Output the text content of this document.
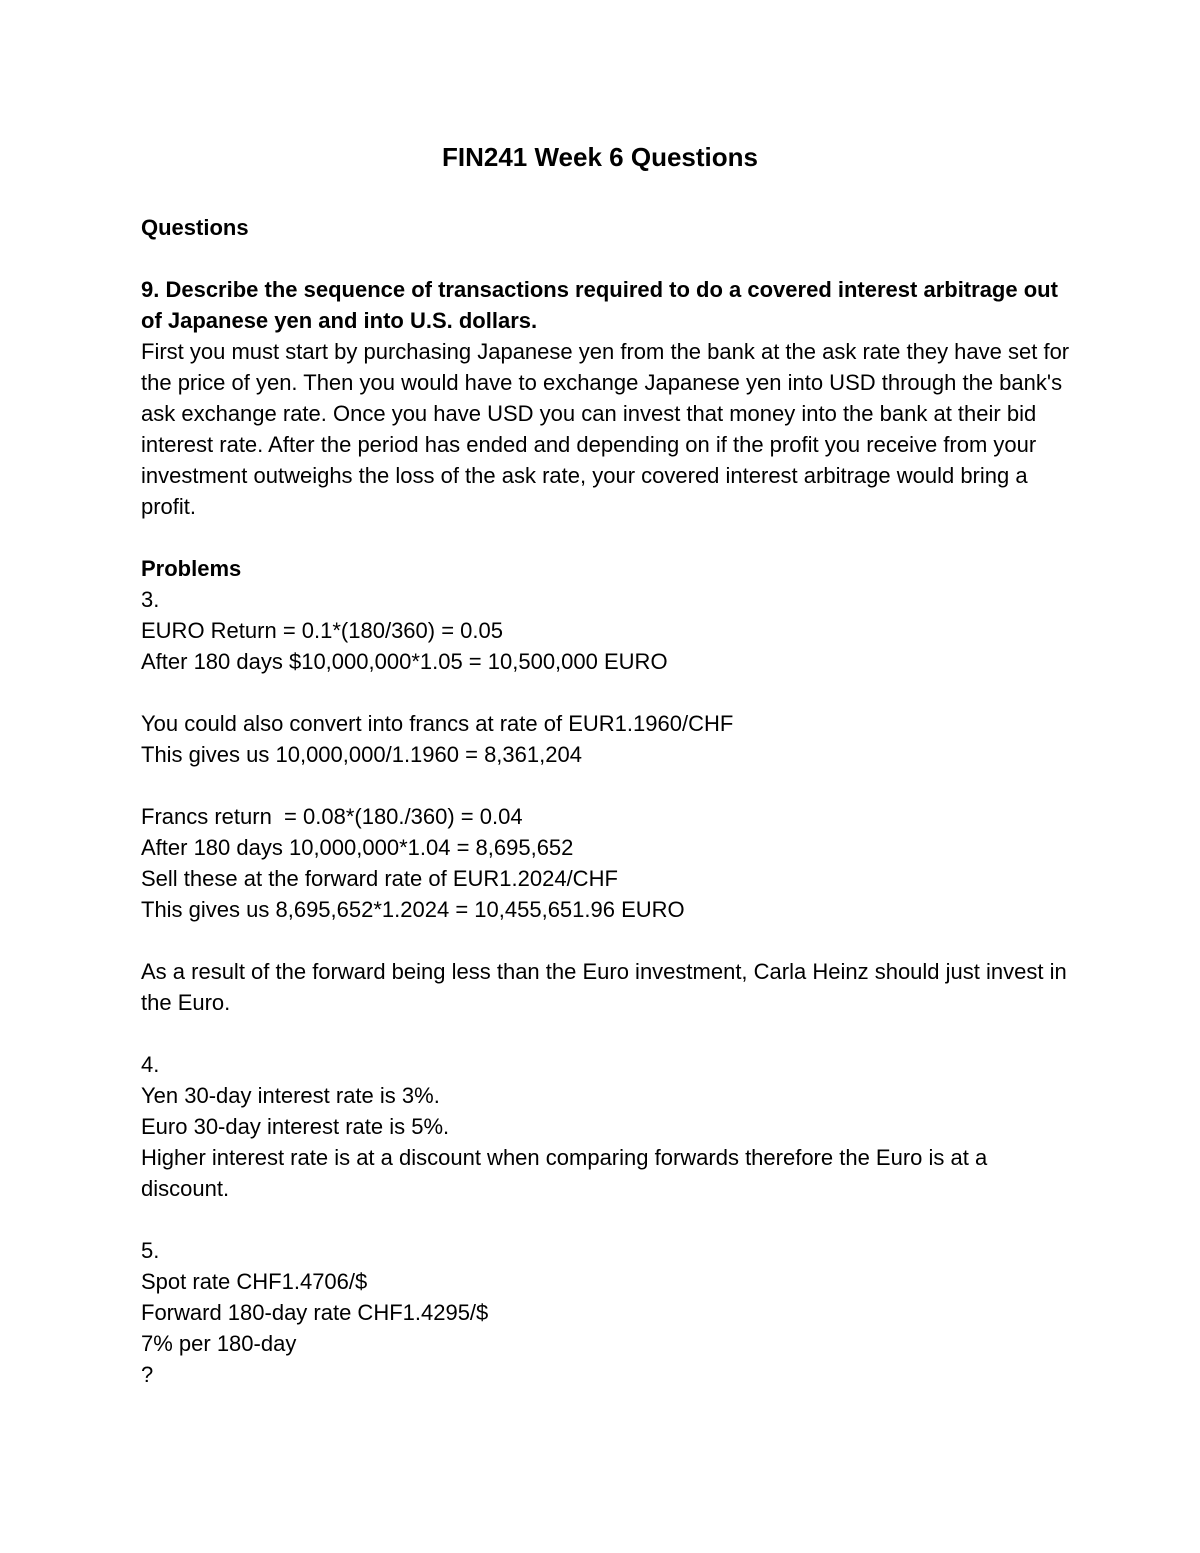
FIN241 Week 6 Questions

Questions

9. Describe the sequence of transactions required to do a covered interest arbitrage out of Japanese yen and into U.S. dollars.

First you must start by purchasing Japanese yen from the bank at the ask rate they have set for the price of yen. Then you would have to exchange Japanese yen into USD through the bank's ask exchange rate. Once you have USD you can invest that money into the bank at their bid interest rate. After the period has ended and depending on if the profit you receive from your investment outweighs the loss of the ask rate, your covered interest arbitrage would bring a profit.

Problems

3.

EURO Return = 0.1*(180/360) = 0.05

After 180 days $10,000,000*1.05 = 10,500,000 EURO

You could also convert into francs at rate of EUR1.1960/CHF

This gives us 10,000,000/1.1960 = 8,361,204

Francs return  = 0.08*(180./360) = 0.04

After 180 days 10,000,000*1.04 = 8,695,652

Sell these at the forward rate of EUR1.2024/CHF

This gives us 8,695,652*1.2024 = 10,455,651.96 EURO

As a result of the forward being less than the Euro investment, Carla Heinz should just invest in the Euro.

4.

Yen 30-day interest rate is 3%.

Euro 30-day interest rate is 5%.

Higher interest rate is at a discount when comparing forwards therefore the Euro is at a discount.

5.

Spot rate CHF1.4706/$

Forward 180-day rate CHF1.4295/$

7% per 180-day

?
